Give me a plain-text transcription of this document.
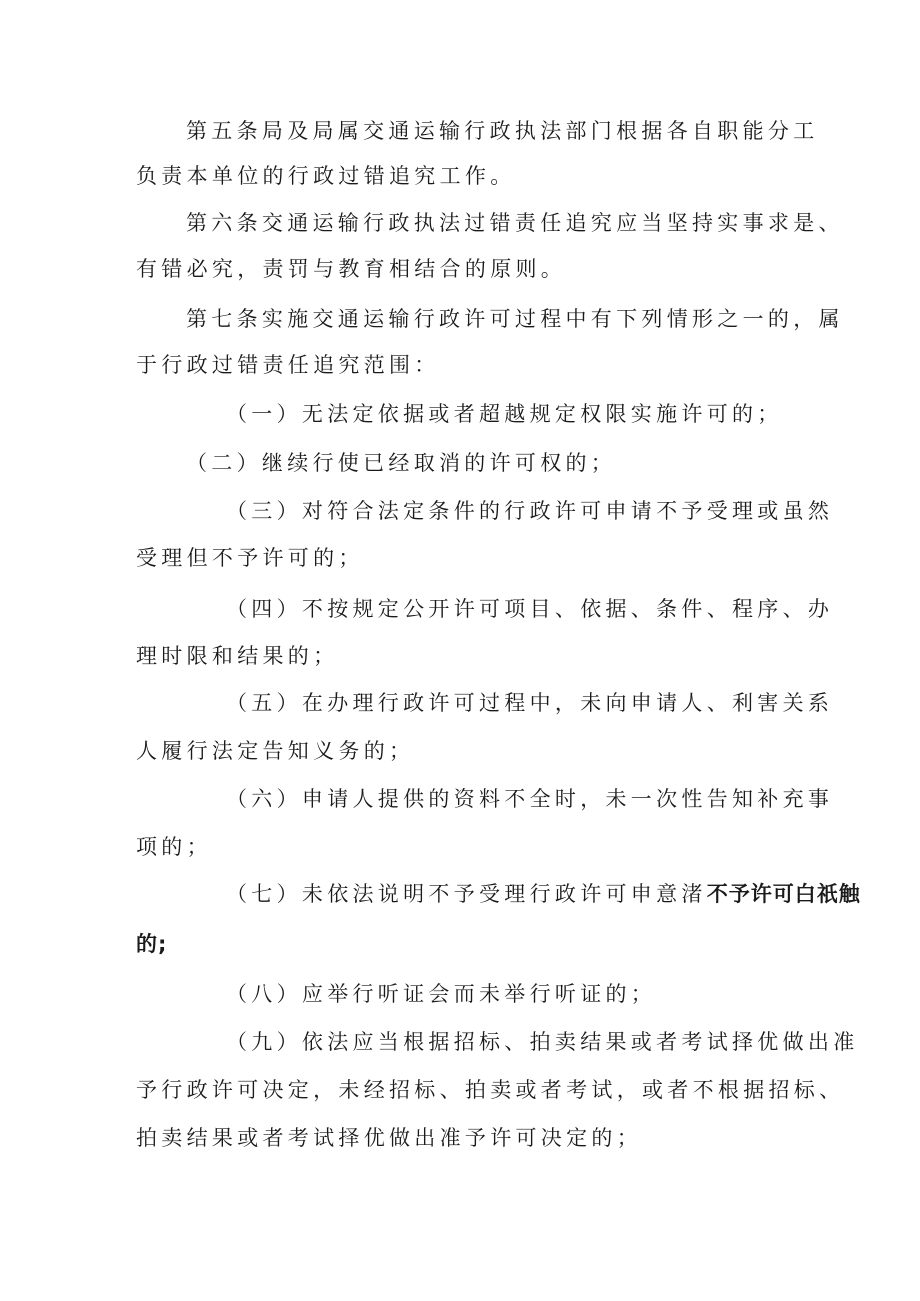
第五条局及局属交通运输行政执法部门根据各自职能分工
负责本单位的行政过错追究工作。
第六条交通运输行政执法过错责任追究应当坚持实事求是、
有错必究，责罚与教育相结合的原则。
第七条实施交通运输行政许可过程中有下列情形之一的，属
于行政过错责任追究范围：
（一）无法定依据或者超越规定权限实施许可的；
（二）继续行使已经取消的许可权的；
（三）对符合法定条件的行政许可申请不予受理或虽然
受理但不予许可的；
（四）不按规定公开许可项目、依据、条件、程序、办
理时限和结果的；
（五）在办理行政许可过程中，未向申请人、利害关系
人履行法定告知义务的；
（六）申请人提供的资料不全时，未一次性告知补充事
项的；
（七）未依法说明不予受理行政许可申意渚不予许可白祇触
的;
（八）应举行听证会而未举行听证的；
（九）依法应当根据招标、拍卖结果或者考试择优做出准
予行政许可决定，未经招标、拍卖或者考试，或者不根据招标、
拍卖结果或者考试择优做出准予许可决定的；
